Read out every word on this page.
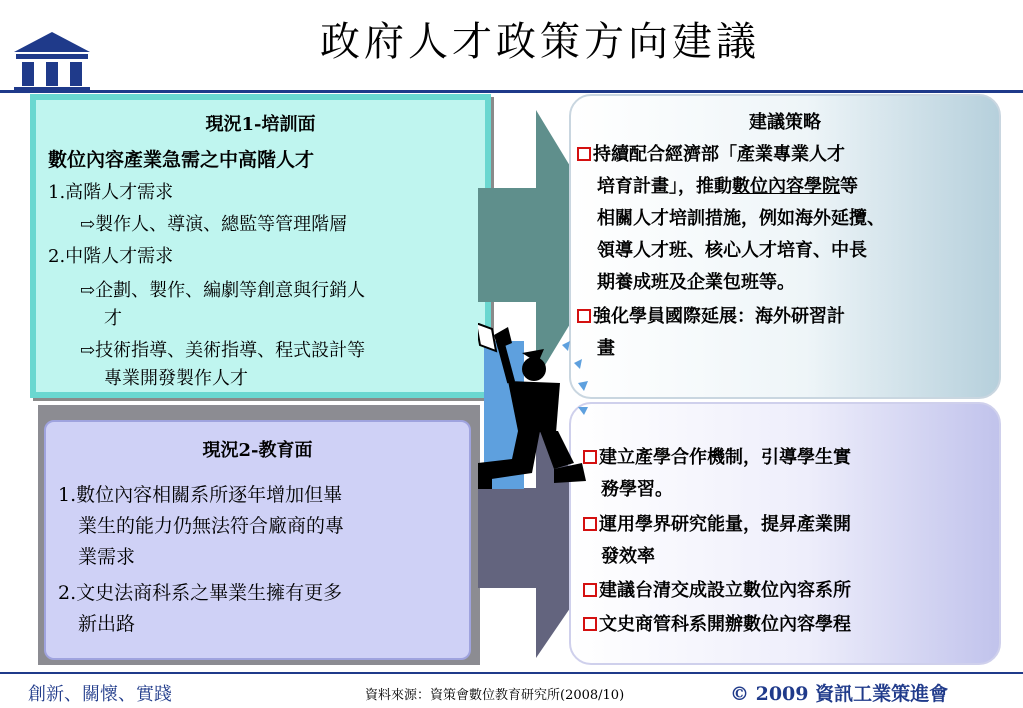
政府人才政策方向建議
現況1-培訓面
數位內容產業急需之中高階人才
1.高階人才需求
⇨製作人、導演、總監等管理階層
2.中階人才需求
⇨企劃、製作、編劇等創意與行銷人
才
⇨技術指導、美術指導、程式設計等
專業開發製作人才
現況2-教育面
1.數位內容相關系所逐年增加但畢
業生的能力仍無法符合廠商的專
業需求
2.文史法商科系之畢業生擁有更多
新出路
建議策略
持續配合經濟部「產業專業人才
培育計畫」，推動數位內容學院等
相關人才培訓措施，例如海外延攬、
領導人才班、核心人才培育、中長
期養成班及企業包班等。
強化學員國際延展：海外研習計
畫
建立產學合作機制，引導學生實
務學習。
運用學界研究能量，提昇產業開
發效率
建議台清交成設立數位內容系所
文史商管科系開辦數位內容學程
創新、關懷、實踐	資料來源：資策會數位教育研究所(2008/10)	© 2009 資訊工業策進會
